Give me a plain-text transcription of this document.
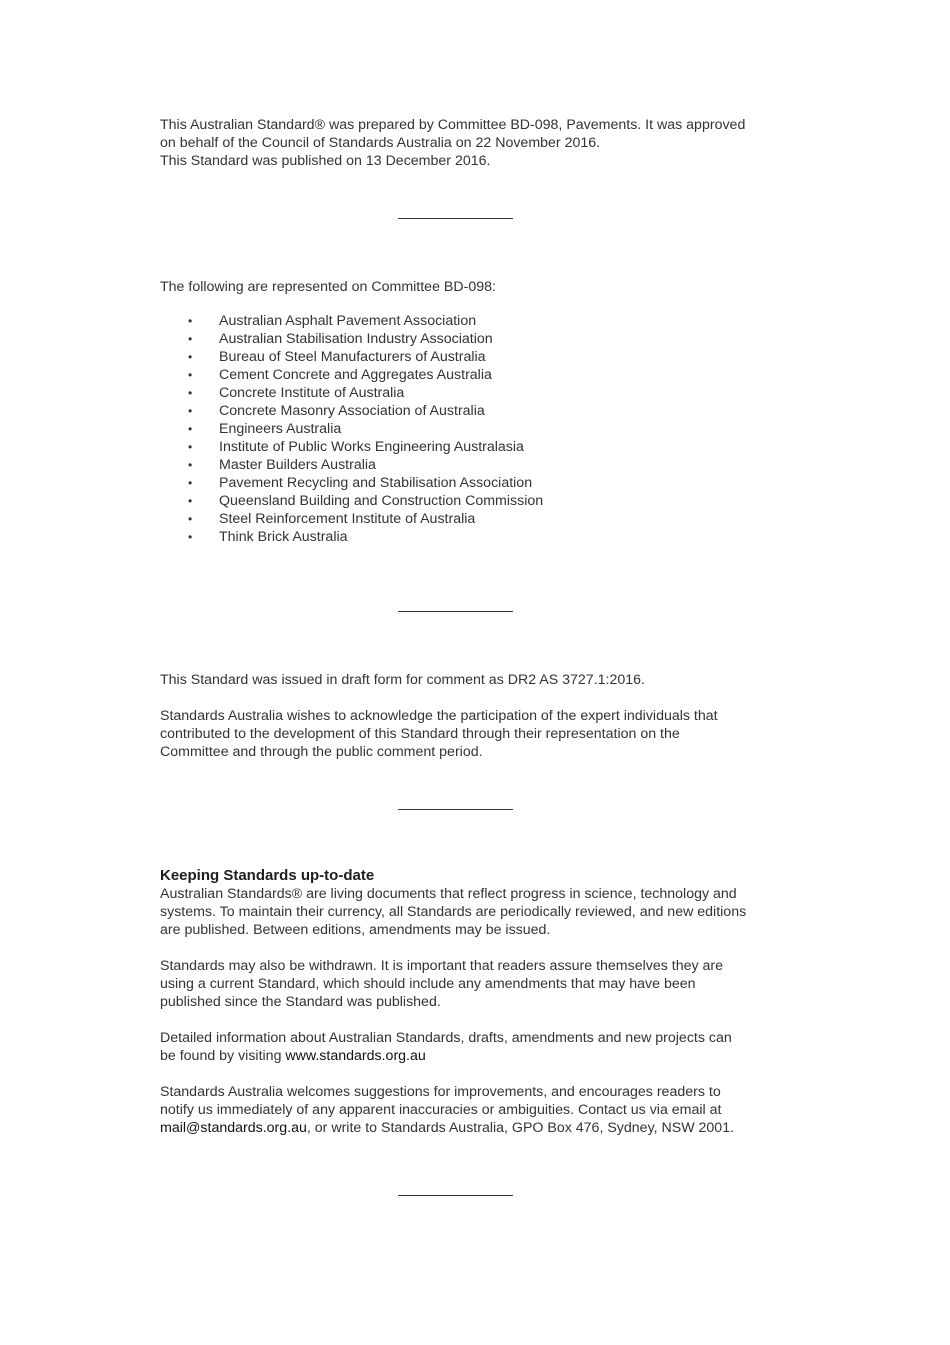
This Australian Standard® was prepared by Committee BD-098, Pavements. It was approved
on behalf of the Council of Standards Australia on 22 November 2016.
This Standard was published on 13 December 2016.

The following are represented on Committee BD-098:

• Australian Asphalt Pavement Association
• Australian Stabilisation Industry Association
• Bureau of Steel Manufacturers of Australia
• Cement Concrete and Aggregates Australia
• Concrete Institute of Australia
• Concrete Masonry Association of Australia
• Engineers Australia
• Institute of Public Works Engineering Australasia
• Master Builders Australia
• Pavement Recycling and Stabilisation Association
• Queensland Building and Construction Commission
• Steel Reinforcement Institute of Australia
• Think Brick Australia

This Standard was issued in draft form for comment as DR2 AS 3727.1:2016.

Standards Australia wishes to acknowledge the participation of the expert individuals that
contributed to the development of this Standard through their representation on the
Committee and through the public comment period.

Keeping Standards up-to-date

Australian Standards® are living documents that reflect progress in science, technology and
systems. To maintain their currency, all Standards are periodically reviewed, and new editions
are published. Between editions, amendments may be issued.

Standards may also be withdrawn. It is important that readers assure themselves they are
using a current Standard, which should include any amendments that may have been
published since the Standard was published.

Detailed information about Australian Standards, drafts, amendments and new projects can
be found by visiting www.standards.org.au

Standards Australia welcomes suggestions for improvements, and encourages readers to
notify us immediately of any apparent inaccuracies or ambiguities. Contact us via email at
mail@standards.org.au, or write to Standards Australia, GPO Box 476, Sydney, NSW 2001.
